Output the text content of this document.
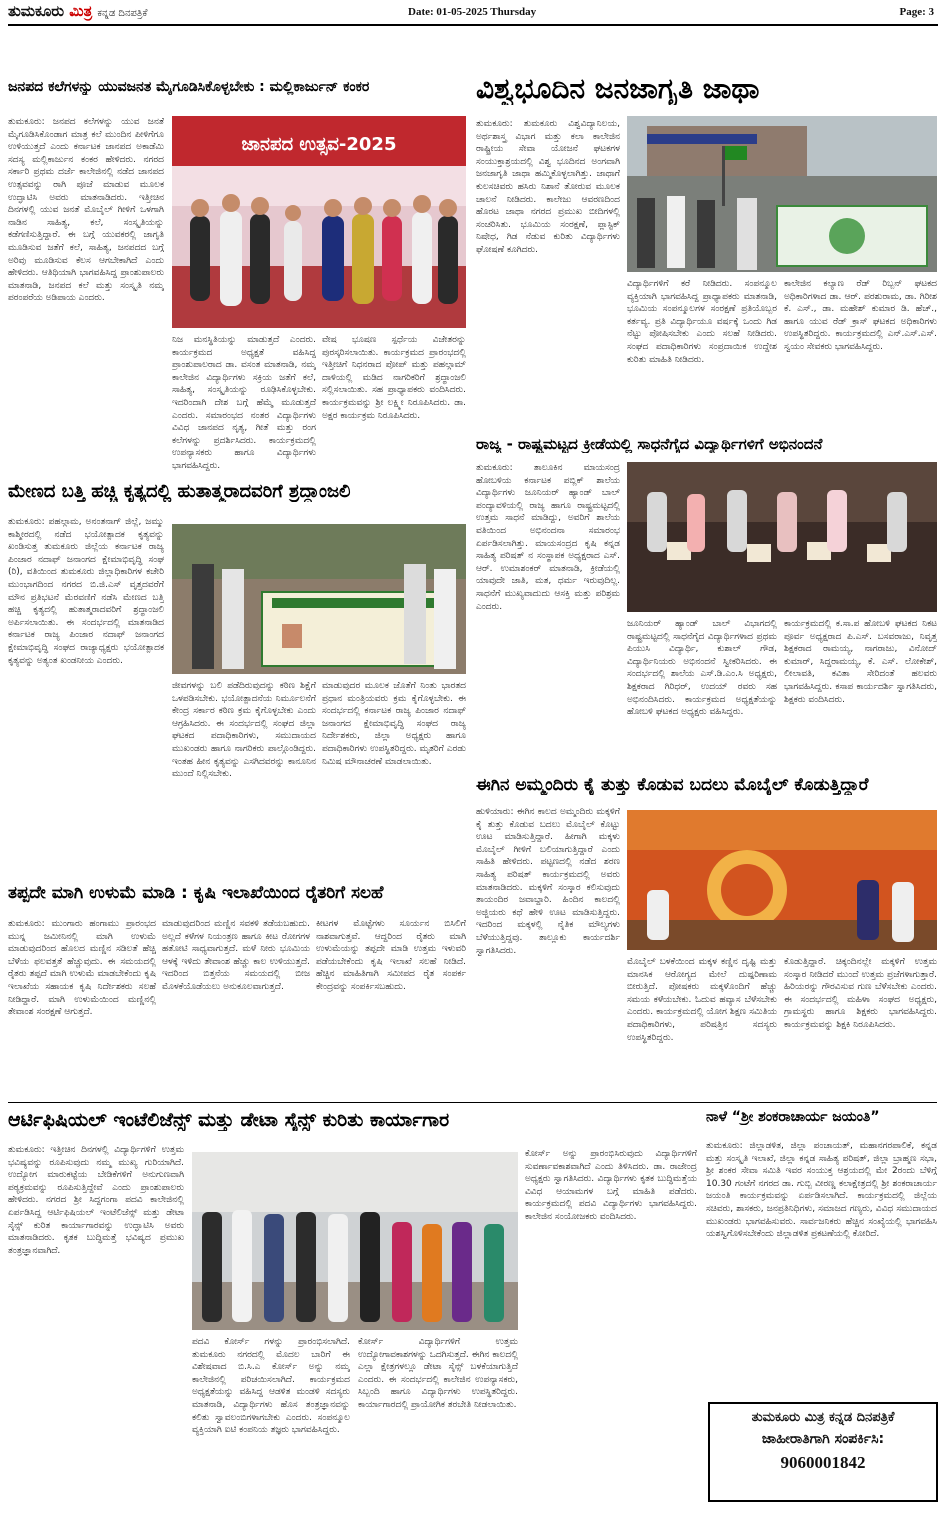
ತುಮಕೂರು ಮಿತ್ರ ಕನ್ನಡ ದಿನಪತ್ರಿಕೆ	Date: 01-05-2025 Thursday	Page: 3
ಜನಪದ ಕಲೆಗಳನ್ನು ಯುವಜನತ ಮೈಗೂಡಿಸಿಕೊಳ್ಳಬೇಕು : ಮಲ್ಲಿಕಾರ್ಜುನ್ ಕಂಕರ
ತುಮಕೂರು: ಜನಪದ ಕಲೆಗಳನ್ನು ಯುವ ಜನತೆ ಮೈಗೂಡಿಸಿಕೊಂಡಾಗ ಮಾತ್ರ ಕಲೆ ಮುಂದಿನ ಪೀಳಿಗೆಗೂ ಉಳಿಯುತ್ತದೆ ಎಂದು ಕರ್ನಾಟಕ ಜಾನಪದ ಅಕಾಡೆಮಿ ಸದಸ್ಯ ಮಲ್ಲಿಕಾರ್ಜುನ ಕಂಕರ ಹೇಳಿದರು. ನಗರದ ಸರ್ಕಾರಿ ಪ್ರಥಮ ದರ್ಜೆ ಕಾಲೇಜಿನಲ್ಲಿ ನಡೆದ ಜಾನಪದ ಉತ್ಸವವನ್ನು ರಾಗಿ ಪೂಜೆ ಮಾಡುವ ಮೂಲಕ ಉದ್ಘಾಟಿಸಿ ಅವರು ಮಾತನಾಡಿದರು. ಇತ್ತೀಚಿನ ದಿನಗಳಲ್ಲಿ ಯುವ ಜನತೆ ಮೊಬೈಲ್ ಗೀಳಿಗೆ ಒಳಗಾಗಿ ನಾಡಿನ ಸಾಹಿತ್ಯ, ಕಲೆ, ಸಂಸ್ಕೃತಿಯನ್ನು ಕಡೆಗಣಿಸುತ್ತಿದ್ದಾರೆ. ಈ ಬಗ್ಗೆ ಯುವಕರಲ್ಲಿ ಜಾಗೃತಿ ಮೂಡಿಸುವ ಜತೆಗೆ ಕಲೆ, ಸಾಹಿತ್ಯ, ಜನಪದದ ಬಗ್ಗೆ ಅರಿವು ಮೂಡಿಸುವ ಕೆಲಸ ಆಗಬೇಕಾಗಿದೆ ಎಂದು ಹೇಳಿದರು. ಆತಿಥಿಯಾಗಿ ಭಾಗವಹಿಸಿದ್ದ ಪ್ರಾಂಶುಪಾಲರು ಮಾತನಾಡಿ, ಜನಪದ ಕಲೆ ಮತ್ತು ಸಂಸ್ಕೃತಿ ನಮ್ಮ ಪರಂಪರೆಯ ಅಡಿಪಾಯ ಎಂದರು.
ಜಾನಪದ ಉತ್ಸವ-2025
ನಿಜ ಮನಸ್ಥಿತಿಯನ್ನು ಮಾಡುತ್ತದೆ ಎಂದರು. ಕಾರ್ಯಕ್ರಮದ ಅಧ್ಯಕ್ಷತೆ ವಹಿಸಿದ್ದ ಪ್ರಾಂಶುಪಾಲರಾದ ಡಾ. ವಸಂತ ಮಾತನಾಡಿ, ನಮ್ಮ ಕಾಲೇಜಿನ ವಿದ್ಯಾರ್ಥಿಗಳು ಸಕ್ರಿಯ ಜತೆಗೆ ಕಲೆ, ಸಾಹಿತ್ಯ, ಸಂಸ್ಕೃತಿಯನ್ನು ರೂಢಿಸಿಕೊಳ್ಳಬೇಕು. ಇದರಿಂದಾಗಿ ದೇಶ ಬಗ್ಗೆ ಹೆಮ್ಮೆ ಮೂಡುತ್ತದೆ ಎಂದರು. ಸಮಾರಂಭದ ನಂತರ ವಿದ್ಯಾರ್ಥಿಗಳು ವಿವಿಧ ಜಾನಪದ ನೃತ್ಯ, ಗೀತೆ ಮತ್ತು ರಂಗ ಕಲೆಗಳನ್ನು ಪ್ರದರ್ಶಿಸಿದರು. ಕಾರ್ಯಕ್ರಮದಲ್ಲಿ ಉಪನ್ಯಾಸಕರು ಹಾಗೂ ವಿದ್ಯಾರ್ಥಿಗಳು ಭಾಗವಹಿಸಿದ್ದರು.
ವೇಷ ಭೂಷಣ ಸ್ಪರ್ಧೆಯ ವಿಜೇತರನ್ನು ಪುರಸ್ಕರಿಸಲಾಯಿತು. ಕಾರ್ಯಕ್ರಮದ ಪ್ರಾರಂಭದಲ್ಲಿ ಇತ್ತೀಚಿಗೆ ನಿಧನರಾದ ಪೋಪ್ ಮತ್ತು ಪಹಲ್ಗಾಮ್ ದಾಳಿಯಲ್ಲಿ ಮಡಿದ ನಾಗರಿಕರಿಗೆ ಶ್ರದ್ಧಾಂಜಲಿ ಸಲ್ಲಿಸಲಾಯಿತು. ಸಹ ಪ್ರಾಧ್ಯಾಪಕರು ವಂದಿಸಿದರು. ಕಾರ್ಯಕ್ರಮವನ್ನು ಶ್ರೀ ಲಕ್ಷ್ಮೀ ನಿರೂಪಿಸಿದರು. ಡಾ. ಅಕ್ಷರ ಕಾರ್ಯಕ್ರಮ ನಿರೂಪಿಸಿದರು.
ವಿಶ್ವಭೂದಿನ ಜನಜಾಗೃತಿ ಜಾಥಾ
ತುಮಕೂರು: ತುಮಕೂರು ವಿಶ್ವವಿದ್ಯಾನಿಲಯ, ಅರ್ಥಶಾಸ್ತ್ರ ವಿಭಾಗ ಮತ್ತು ಕಲಾ ಕಾಲೇಜಿನ ರಾಷ್ಟ್ರೀಯ ಸೇವಾ ಯೋಜನೆ ಘಟಕಗಳ ಸಂಯುಕ್ತಾಶ್ರಯದಲ್ಲಿ ವಿಶ್ವ ಭೂದಿನದ ಅಂಗವಾಗಿ ಜನಜಾಗೃತಿ ಜಾಥಾ ಹಮ್ಮಿಕೊಳ್ಳಲಾಗಿತ್ತು. ಜಾಥಾಗೆ ಕುಲಸಚಿವರು ಹಸಿರು ನಿಶಾನೆ ತೋರುವ ಮೂಲಕ ಚಾಲನೆ ನೀಡಿದರು. ಕಾಲೇಜು ಆವರಣದಿಂದ ಹೊರಟ ಜಾಥಾ ನಗರದ ಪ್ರಮುಖ ಬೀದಿಗಳಲ್ಲಿ ಸಂಚರಿಸಿತು. ಭೂಮಿಯ ಸಂರಕ್ಷಣೆ, ಪ್ಲಾಸ್ಟಿಕ್ ನಿಷೇಧ, ಗಿಡ ನೆಡುವ ಕುರಿತು ವಿದ್ಯಾರ್ಥಿಗಳು ಘೋಷಣೆ ಕೂಗಿದರು.
ವಿದ್ಯಾರ್ಥಿಗಳಿಗೆ ಕರೆ ನೀಡಿದರು. ಸಂಪನ್ಮೂಲ ವ್ಯಕ್ತಿಯಾಗಿ ಭಾಗವಹಿಸಿದ್ದ ಪ್ರಾಧ್ಯಾಪಕರು ಮಾತನಾಡಿ, ಭೂಮಿಯ ಸಂಪನ್ಮೂಲಗಳ ಸಂರಕ್ಷಣೆ ಪ್ರತಿಯೊಬ್ಬರ ಕರ್ತವ್ಯ. ಪ್ರತಿ ವಿದ್ಯಾರ್ಥಿಯೂ ವರ್ಷಕ್ಕೆ ಒಂದು ಗಿಡ ನೆಟ್ಟು ಪೋಷಿಸಬೇಕು ಎಂದು ಸಲಹೆ ನೀಡಿದರು. ಸಂಘದ ಪದಾಧಿಕಾರಿಗಳು ಸಂಪ್ರದಾಯಿಕ ಉದ್ದೇಶ ಕುರಿತು ಮಾಹಿತಿ ನೀಡಿದರು.
ಕಾಲೇಜಿನ ಕಲ್ಯಾಣ ರೆಡ್ ರಿಬ್ಬನ್ ಘಟಕದ ಅಧಿಕಾರಿಗಳಾದ ಡಾ. ಆರ್. ಪರಶುರಾಮ, ಡಾ. ಗಿರೀಶ ಕೆ. ಎಸ್., ಡಾ. ಮಹೇಶ್ ಕುಮಾರ ಡಿ. ಹೆಚ್., ಹಾಗೂ ಯುವ ರೆಡ್ ಕ್ರಾಸ್ ಘಟಕದ ಅಧಿಕಾರಿಗಳು ಉಪಸ್ಥಿತರಿದ್ದರು. ಕಾರ್ಯಕ್ರಮದಲ್ಲಿ ಎನ್.ಎಸ್.ಎಸ್. ಸ್ವಯಂ ಸೇವಕರು ಭಾಗವಹಿಸಿದ್ದರು.
ರಾಜ್ಯ - ರಾಷ್ಟ್ರಮಟ್ಟದ ಕ್ರೀಡೆಯಲ್ಲಿ ಸಾಧನೆಗೈದ ವಿದ್ಯಾರ್ಥಿಗಳಿಗೆ ಅಭಿನಂದನೆ
ತುಮಕೂರು: ತಾಲೂಕಿನ ಮಾಯಸಂದ್ರ ಹೋಬಳಿಯ ಕರ್ನಾಟಕ ಪಬ್ಲಿಕ್ ಶಾಲೆಯ ವಿದ್ಯಾರ್ಥಿಗಳು ಜೂನಿಯರ್ ಹ್ಯಾಂಡ್ ಬಾಲ್ ಪಂದ್ಯಾವಳಿಯಲ್ಲಿ ರಾಜ್ಯ ಹಾಗೂ ರಾಷ್ಟ್ರಮಟ್ಟದಲ್ಲಿ ಉತ್ತಮ ಸಾಧನೆ ಮಾಡಿದ್ದು, ಅವರಿಗೆ ಶಾಲೆಯ ವತಿಯಿಂದ ಅಭಿನಂದನಾ ಸಮಾರಂಭ ಏರ್ಪಡಿಸಲಾಗಿತ್ತು. ಮಾಯಸಂದ್ರದ ಕೃಷಿ ಕನ್ನಡ ಸಾಹಿತ್ಯ ಪರಿಷತ್ ನ ಸಂಸ್ಥಾಪಕ ಅಧ್ಯಕ್ಷರಾದ ಎಸ್. ಆರ್. ಉಮಾಶಂಕರ್ ಮಾತನಾಡಿ, ಕ್ರೀಡೆಯಲ್ಲಿ ಯಾವುದೇ ಜಾತಿ, ಮತ, ಧರ್ಮ ಇರುವುದಿಲ್ಲ. ಸಾಧನೆಗೆ ಮುಖ್ಯವಾದುದು ಆಸಕ್ತಿ ಮತ್ತು ಪರಿಶ್ರಮ ಎಂದರು.
ಜೂನಿಯರ್ ಹ್ಯಾಂಡ್ ಬಾಲ್ ವಿಭಾಗದಲ್ಲಿ ರಾಷ್ಟ್ರಮಟ್ಟದಲ್ಲಿ ಸಾಧನೆಗೈದ ವಿದ್ಯಾರ್ಥಿಗಳಾದ ಪ್ರಥಮ ಪಿಯುಸಿ ವಿದ್ಯಾರ್ಥಿ, ಕುಶಾಲ್ ಗೌಡ, ವಿದ್ಯಾರ್ಥಿನಿಯರು ಅಭಿನಂದನೆ ಸ್ವೀಕರಿಸಿದರು. ಈ ಸಂದರ್ಭದಲ್ಲಿ ಶಾಲೆಯ ಎಸ್.ಡಿ.ಎಂ.ಸಿ ಅಧ್ಯಕ್ಷರು, ಶಿಕ್ಷಕರಾದ ಗಿರಿಧರ್, ಉದಯ್ ರವರು ಸಹ ಅಭಿನಂದಿಸಿದರು. ಕಾರ್ಯಕ್ರಮದ ಅಧ್ಯಕ್ಷತೆಯನ್ನು ಹೋಬಳಿ ಘಟಕದ ಅಧ್ಯಕ್ಷರು ವಹಿಸಿದ್ದರು.
ಕಾರ್ಯಕ್ರಮದಲ್ಲಿ ಕ.ಸಾ.ಪ ಹೋಬಳಿ ಘಟಕದ ನಿಕಟ ಪೂರ್ವ ಅಧ್ಯಕ್ಷರಾದ ಪಿ.ಎಸ್. ಬಸವರಾಜು, ನಿವೃತ್ತ ಶಿಕ್ಷಕರಾದ ರಾಮಯ್ಯ, ನಾಗರಾಜು, ವಿನೋದ್ ಕುಮಾರ್, ಸಿದ್ದರಾಮಯ್ಯ, ಕೆ. ಎಸ್. ಲೋಕೇಶ್, ಲೀಲಾವತಿ, ಕವಿತಾ ಸೇರಿದಂತೆ ಹಲವರು ಭಾಗವಹಿಸಿದ್ದರು. ಕಸಾಪ ಕಾರ್ಯದರ್ಶಿ ಸ್ವಾಗತಿಸಿದರು, ಶಿಕ್ಷಕರು ವಂದಿಸಿದರು.
ಮೇಣದ ಬತ್ತಿ ಹಚ್ಚಿ ಕೃತ್ಯದಲ್ಲಿ ಹುತಾತ್ಮರಾದವರಿಗೆ ಶ್ರದ್ಧಾಂಜಲಿ
ತುಮಕೂರು: ಪಹಲ್ಗಾಮ, ಅನಂತನಾಗ್ ಜಿಲ್ಲೆ, ಜಮ್ಮು ಕಾಶ್ಮೀರದಲ್ಲಿ ನಡೆದ ಭಯೋತ್ಪಾದಕ ಕೃತ್ಯವನ್ನು ಖಂಡಿಸುತ್ತ ತುಮಕೂರು ಜಿಲ್ಲೆಯ ಕರ್ನಾಟಕ ರಾಜ್ಯ ಪಿಂಜಾರ ನದಾಫ್ ಜನಾಂಗದ ಕ್ಷೇಮಾಭಿವೃದ್ಧಿ ಸಂಘ (ರಿ), ವತಿಯಿಂದ ತುಮಕೂರು ಜಿಲ್ಲಾಧಿಕಾರಿಗಳ ಕಚೇರಿ ಮುಂಭಾಗದಿಂದ ನಗರದ ಬಿ.ಜಿ.ಎಸ್ ವೃತ್ತದವರೆಗೆ ಮೌನ ಪ್ರತಿಭಟನೆ ಮೆರವಣಿಗೆ ನಡೆಸಿ ಮೇಣದ ಬತ್ತಿ ಹಚ್ಚಿ ಕೃತ್ಯದಲ್ಲಿ ಹುತಾತ್ಮರಾದವರಿಗೆ ಶ್ರದ್ಧಾಂಜಲಿ ಅರ್ಪಿಸಲಾಯಿತು. ಈ ಸಂದರ್ಭದಲ್ಲಿ ಮಾತನಾಡಿದ ಕರ್ನಾಟಕ ರಾಜ್ಯ ಪಿಂಜಾರ ನದಾಫ್ ಜನಾಂಗದ ಕ್ಷೇಮಾಭಿವೃದ್ಧಿ ಸಂಘದ ರಾಜ್ಯಾಧ್ಯಕ್ಷರು ಭಯೋತ್ಪಾದಕ ಕೃತ್ಯವನ್ನು ಅತ್ಯಂತ ಖಂಡನೀಯ ಎಂದರು.
ಜೀವಗಳನ್ನು ಬಲಿ ಪಡೆದಿರುವುದನ್ನು ಕಠಿಣ ಶಿಕ್ಷೆಗೆ ಒಳಪಡಿಸಬೇಕು. ಭಯೋತ್ಪಾದನೆಯ ನಿರ್ಮೂಲನೆಗೆ ಕೇಂದ್ರ ಸರ್ಕಾರ ಕಠಿಣ ಕ್ರಮ ಕೈಗೊಳ್ಳಬೇಕು ಎಂದು ಆಗ್ರಹಿಸಿದರು. ಈ ಸಂದರ್ಭದಲ್ಲಿ ಸಂಘದ ಜಿಲ್ಲಾ ಘಟಕದ ಪದಾಧಿಕಾರಿಗಳು, ಸಮುದಾಯದ ಮುಖಂಡರು ಹಾಗೂ ನಾಗರಿಕರು ಪಾಲ್ಗೊಂಡಿದ್ದರು. ಇಂತಹ ಹೀನ ಕೃತ್ಯವನ್ನು ಎಸಗಿದವರನ್ನು ಕಾನೂನಿನ ಮುಂದೆ ನಿಲ್ಲಿಸಬೇಕು.
ಮಾಡುವುದರ ಮೂಲಕ ಜೊತೆಗೆ ನಿಂತು ಭಾರತದ ಪ್ರಧಾನ ಮಂತ್ರಿಯವರು ಕ್ರಮ ಕೈಗೊಳ್ಳಬೇಕು. ಈ ಸಂದರ್ಭದಲ್ಲಿ ಕರ್ನಾಟಕ ರಾಜ್ಯ ಪಿಂಜಾರ ನದಾಫ್ ಜನಾಂಗದ ಕ್ಷೇಮಾಭಿವೃದ್ಧಿ ಸಂಘದ ರಾಜ್ಯ ನಿರ್ದೇಶಕರು, ಜಿಲ್ಲಾ ಅಧ್ಯಕ್ಷರು ಹಾಗೂ ಪದಾಧಿಕಾರಿಗಳು ಉಪಸ್ಥಿತರಿದ್ದರು. ಮೃತರಿಗೆ ಎರಡು ನಿಮಿಷ ಮೌನಾಚರಣೆ ಮಾಡಲಾಯಿತು.
ಈಗಿನ ಅಮ್ಮಂದಿರು ಕೈ ತುತ್ತು ಕೊಡುವ ಬದಲು ಮೊಬೈಲ್ ಕೊಡುತ್ತಿದ್ದಾರೆ
ಹುಳಿಯಾರು: ಈಗಿನ ಕಾಲದ ಅಮ್ಮಂದಿರು ಮಕ್ಕಳಿಗೆ ಕೈ ತುತ್ತು ಕೊಡುವ ಬದಲು ಮೊಬೈಲ್ ಕೊಟ್ಟು ಊಟ ಮಾಡಿಸುತ್ತಿದ್ದಾರೆ. ಹೀಗಾಗಿ ಮಕ್ಕಳು ಮೊಬೈಲ್ ಗೀಳಿಗೆ ಬಲಿಯಾಗುತ್ತಿದ್ದಾರೆ ಎಂದು ಸಾಹಿತಿ ಹೇಳಿದರು. ಪಟ್ಟಣದಲ್ಲಿ ನಡೆದ ಶರಣ ಸಾಹಿತ್ಯ ಪರಿಷತ್ ಕಾರ್ಯಕ್ರಮದಲ್ಲಿ ಅವರು ಮಾತನಾಡಿದರು. ಮಕ್ಕಳಿಗೆ ಸಂಸ್ಕಾರ ಕಲಿಸುವುದು ತಾಯಂದಿರ ಜವಾಬ್ದಾರಿ. ಹಿಂದಿನ ಕಾಲದಲ್ಲಿ ಅಜ್ಜಿಯರು ಕಥೆ ಹೇಳಿ ಊಟ ಮಾಡಿಸುತ್ತಿದ್ದರು. ಇದರಿಂದ ಮಕ್ಕಳಲ್ಲಿ ನೈತಿಕ ಮೌಲ್ಯಗಳು ಬೆಳೆಯುತ್ತಿದ್ದವು. ತಾಲ್ಲೂಕು ಕಾರ್ಯದರ್ಶಿ ಸ್ವಾಗತಿಸಿದರು.
ಮೊಬೈಲ್ ಬಳಕೆಯಿಂದ ಮಕ್ಕಳ ಕಣ್ಣಿನ ದೃಷ್ಟಿ ಮತ್ತು ಮಾನಸಿಕ ಆರೋಗ್ಯದ ಮೇಲೆ ದುಷ್ಪರಿಣಾಮ ಬೀರುತ್ತಿದೆ. ಪೋಷಕರು ಮಕ್ಕಳೊಂದಿಗೆ ಹೆಚ್ಚು ಸಮಯ ಕಳೆಯಬೇಕು. ಓದುವ ಹವ್ಯಾಸ ಬೆಳೆಸಬೇಕು ಎಂದರು. ಕಾರ್ಯಕ್ರಮದಲ್ಲಿ ಯೋಗ ಶಿಕ್ಷಣ ಸಮಿತಿಯ ಪದಾಧಿಕಾರಿಗಳು, ಪರಿಷತ್ತಿನ ಸದಸ್ಯರು ಉಪಸ್ಥಿತರಿದ್ದರು.
ಕೊಡುತ್ತಿದ್ದಾರೆ. ಚಿಕ್ಕಂದಿನಲ್ಲೇ ಮಕ್ಕಳಿಗೆ ಉತ್ತಮ ಸಂಸ್ಕಾರ ನೀಡಿದರೆ ಮುಂದೆ ಉತ್ತಮ ಪ್ರಜೆಗಳಾಗುತ್ತಾರೆ. ಹಿರಿಯರನ್ನು ಗೌರವಿಸುವ ಗುಣ ಬೆಳೆಸಬೇಕು ಎಂದರು. ಈ ಸಂದರ್ಭದಲ್ಲಿ ಮಹಿಳಾ ಸಂಘದ ಅಧ್ಯಕ್ಷರು, ಗ್ರಾಮಸ್ಥರು ಹಾಗೂ ಶಿಕ್ಷಕರು ಭಾಗವಹಿಸಿದ್ದರು. ಕಾರ್ಯಕ್ರಮವನ್ನು ಶಿಕ್ಷಕಿ ನಿರೂಪಿಸಿದರು.
ತಪ್ಪದೇ ಮಾಗಿ ಉಳುಮೆ ಮಾಡಿ : ಕೃಷಿ ಇಲಾಖೆಯಿಂದ ರೈತರಿಗೆ ಸಲಹೆ
ತುಮಕೂರು: ಮುಂಗಾರು ಹಂಗಾಮು ಪ್ರಾರಂಭದ ಮುನ್ನ ಜಮೀನಿನಲ್ಲಿ ಮಾಗಿ ಉಳುಮೆ ಮಾಡುವುದರಿಂದ ಹೊಲದ ಮಣ್ಣಿನ ಸಡಿಲತೆ ಹೆಚ್ಚಿ ಬೆಳೆಯ ಫಲವತ್ತತೆ ಹೆಚ್ಚುವುದು. ಈ ಸಮಯದಲ್ಲಿ ರೈತರು ತಪ್ಪದೆ ಮಾಗಿ ಉಳುಮೆ ಮಾಡಬೇಕೆಂದು ಕೃಷಿ ಇಲಾಖೆಯ ಸಹಾಯಕ ಕೃಷಿ ನಿರ್ದೇಶಕರು ಸಲಹೆ ನೀಡಿದ್ದಾರೆ. ಮಾಗಿ ಉಳುಮೆಯಿಂದ ಮಣ್ಣಿನಲ್ಲಿ ತೇವಾಂಶ ಸಂರಕ್ಷಣೆ ಆಗುತ್ತದೆ.
ಮಾಡುವುದರಿಂದ ಮಣ್ಣಿನ ಸವಕಳಿ ತಡೆಯಬಹುದು. ಅಲ್ಲದೆ ಕಳೆಗಳ ನಿಯಂತ್ರಣ ಹಾಗೂ ಕೀಟ ರೋಗಗಳ ಹತೋಟಿ ಸಾಧ್ಯವಾಗುತ್ತದೆ. ಮಳೆ ನೀರು ಭೂಮಿಯ ಆಳಕ್ಕೆ ಇಳಿದು ತೇವಾಂಶ ಹೆಚ್ಚು ಕಾಲ ಉಳಿಯುತ್ತದೆ. ಇದರಿಂದ ಬಿತ್ತನೆಯ ಸಮಯದಲ್ಲಿ ಬೀಜ ಮೊಳಕೆಯೊಡೆಯಲು ಅನುಕೂಲವಾಗುತ್ತದೆ.
ಕೀಟಗಳ ಮೊಟ್ಟೆಗಳು ಸೂರ್ಯನ ಬಿಸಿಲಿಗೆ ನಾಶವಾಗುತ್ತವೆ. ಆದ್ದರಿಂದ ರೈತರು ಮಾಗಿ ಉಳುಮೆಯನ್ನು ತಪ್ಪದೇ ಮಾಡಿ ಉತ್ತಮ ಇಳುವರಿ ಪಡೆಯಬೇಕೆಂದು ಕೃಷಿ ಇಲಾಖೆ ಸಲಹೆ ನೀಡಿದೆ. ಹೆಚ್ಚಿನ ಮಾಹಿತಿಗಾಗಿ ಸಮೀಪದ ರೈತ ಸಂಪರ್ಕ ಕೇಂದ್ರವನ್ನು ಸಂಪರ್ಕಿಸಬಹುದು.
ಆರ್ಟಿಫಿಷಿಯಲ್ ಇಂಟೆಲಿಜೆನ್ಸ್ ಮತ್ತು ಡೇಟಾ ಸೈನ್ಸ್ ಕುರಿತು ಕಾರ್ಯಾಗಾರ
ತುಮಕೂರು: ಇತ್ತೀಚಿನ ದಿನಗಳಲ್ಲಿ ವಿದ್ಯಾರ್ಥಿಗಳಿಗೆ ಉತ್ತಮ ಭವಿಷ್ಯವನ್ನು ರೂಪಿಸುವುದು ನಮ್ಮ ಮುಖ್ಯ ಗುರಿಯಾಗಿದೆ. ಉದ್ಯೋಗ ಮಾರುಕಟ್ಟೆಯ ಬೇಡಿಕೆಗಳಿಗೆ ಅನುಗುಣವಾಗಿ ಪಠ್ಯಕ್ರಮವನ್ನು ರೂಪಿಸುತ್ತಿದ್ದೇವೆ ಎಂದು ಪ್ರಾಂಶುಪಾಲರು ಹೇಳಿದರು. ನಗರದ ಶ್ರೀ ಸಿದ್ದಗಂಗಾ ಪದವಿ ಕಾಲೇಜಿನಲ್ಲಿ ಏರ್ಪಡಿಸಿದ್ದ ಆರ್ಟಿಫಿಷಿಯಲ್ ಇಂಟೆಲಿಜೆನ್ಸ್ ಮತ್ತು ಡೇಟಾ ಸೈನ್ಸ್ ಕುರಿತ ಕಾರ್ಯಾಗಾರವನ್ನು ಉದ್ಘಾಟಿಸಿ ಅವರು ಮಾತನಾಡಿದರು. ಕೃತಕ ಬುದ್ಧಿಮತ್ತೆ ಭವಿಷ್ಯದ ಪ್ರಮುಖ ತಂತ್ರಜ್ಞಾನವಾಗಿದೆ.
ಪದವಿ ಕೋರ್ಸ್ ಗಳನ್ನು ಪ್ರಾರಂಭಿಸಲಾಗಿದೆ. ತುಮಕೂರು ನಗರದಲ್ಲಿ ಮೊದಲ ಬಾರಿಗೆ ಈ ವಿಶೇಷವಾದ ಬಿ.ಸಿ.ಎ ಕೋರ್ಸ್ ಅನ್ನು ನಮ್ಮ ಕಾಲೇಜಿನಲ್ಲಿ ಪರಿಚಯಿಸಲಾಗಿದೆ. ಕಾರ್ಯಕ್ರಮದ ಅಧ್ಯಕ್ಷತೆಯನ್ನು ವಹಿಸಿದ್ದ ಆಡಳಿತ ಮಂಡಳಿ ಸದಸ್ಯರು ಮಾತನಾಡಿ, ವಿದ್ಯಾರ್ಥಿಗಳು ಹೊಸ ತಂತ್ರಜ್ಞಾನವನ್ನು ಕಲಿತು ಸ್ವಾವಲಂಬಿಗಳಾಗಬೇಕು ಎಂದರು. ಸಂಪನ್ಮೂಲ ವ್ಯಕ್ತಿಯಾಗಿ ಐಟಿ ಕಂಪನಿಯ ತಜ್ಞರು ಭಾಗವಹಿಸಿದ್ದರು.
ಕೋರ್ಸ್ ವಿದ್ಯಾರ್ಥಿಗಳಿಗೆ ಉತ್ತಮ ಉದ್ಯೋಗಾವಕಾಶಗಳನ್ನು ಒದಗಿಸುತ್ತದೆ. ಈಗಿನ ಕಾಲದಲ್ಲಿ ಎಲ್ಲಾ ಕ್ಷೇತ್ರಗಳಲ್ಲೂ ಡೇಟಾ ಸೈನ್ಸ್ ಬಳಕೆಯಾಗುತ್ತಿದೆ ಎಂದರು. ಈ ಸಂದರ್ಭದಲ್ಲಿ ಕಾಲೇಜಿನ ಉಪನ್ಯಾಸಕರು, ಸಿಬ್ಬಂದಿ ಹಾಗೂ ವಿದ್ಯಾರ್ಥಿಗಳು ಉಪಸ್ಥಿತರಿದ್ದರು. ಕಾರ್ಯಾಗಾರದಲ್ಲಿ ಪ್ರಾಯೋಗಿಕ ತರಬೇತಿ ನೀಡಲಾಯಿತು.
ಕೋರ್ಸ್ ಅನ್ನು ಪ್ರಾರಂಭಿಸಿರುವುದು ವಿದ್ಯಾರ್ಥಿಗಳಿಗೆ ಸುವರ್ಣಾವಕಾಶವಾಗಿದೆ ಎಂದು ತಿಳಿಸಿದರು. ಡಾ. ರಾಜೇಂದ್ರ ಅಧ್ಯಕ್ಷರು ಸ್ವಾಗತಿಸಿದರು. ವಿದ್ಯಾರ್ಥಿಗಳು ಕೃತಕ ಬುದ್ಧಿಮತ್ತೆಯ ವಿವಿಧ ಆಯಾಮಗಳ ಬಗ್ಗೆ ಮಾಹಿತಿ ಪಡೆದರು. ಕಾರ್ಯಕ್ರಮದಲ್ಲಿ ಪದವಿ ವಿದ್ಯಾರ್ಥಿಗಳು ಭಾಗವಹಿಸಿದ್ದರು. ಕಾಲೇಜಿನ ಸಂಯೋಜಕರು ವಂದಿಸಿದರು.
ನಾಳೆ “ಶ್ರೀ ಶಂಕರಾಚಾರ್ಯ ಜಯಂತಿ”
ತುಮಕೂರು: ಜಿಲ್ಲಾಡಳಿತ, ಜಿಲ್ಲಾ ಪಂಚಾಯತ್, ಮಹಾನಗರಪಾಲಿಕೆ, ಕನ್ನಡ ಮತ್ತು ಸಂಸ್ಕೃತಿ ಇಲಾಖೆ, ಜಿಲ್ಲಾ ಕನ್ನಡ ಸಾಹಿತ್ಯ ಪರಿಷತ್, ಜಿಲ್ಲಾ ಬ್ರಾಹ್ಮಣ ಸಭಾ, ಶ್ರೀ ಶಂಕರ ಸೇವಾ ಸಮಿತಿ ಇವರ ಸಂಯುಕ್ತ ಆಶ್ರಯದಲ್ಲಿ ಮೇ 2ರಂದು ಬೆಳಿಗ್ಗೆ 10.30 ಗಂಟೆಗೆ ನಗರದ ಡಾ. ಗುಬ್ಬಿ ವೀರಣ್ಣ ಕಲಾಕ್ಷೇತ್ರದಲ್ಲಿ ಶ್ರೀ ಶಂಕರಾಚಾರ್ಯ ಜಯಂತಿ ಕಾರ್ಯಕ್ರಮವನ್ನು ಏರ್ಪಡಿಸಲಾಗಿದೆ. ಕಾರ್ಯಕ್ರಮದಲ್ಲಿ ಜಿಲ್ಲೆಯ ಸಚಿವರು, ಶಾಸಕರು, ಜನಪ್ರತಿನಿಧಿಗಳು, ಸಮಾಜದ ಗಣ್ಯರು, ವಿವಿಧ ಸಮುದಾಯದ ಮುಖಂಡರು ಭಾಗವಹಿಸುವರು. ಸಾರ್ವಜನಿಕರು ಹೆಚ್ಚಿನ ಸಂಖ್ಯೆಯಲ್ಲಿ ಭಾಗವಹಿಸಿ ಯಶಸ್ವಿಗೊಳಿಸಬೇಕೆಂದು ಜಿಲ್ಲಾಡಳಿತ ಪ್ರಕಟಣೆಯಲ್ಲಿ ಕೋರಿದೆ.
ತುಮಕೂರು ಮಿತ್ರ ಕನ್ನಡ ದಿನಪತ್ರಿಕೆ
ಜಾಹೀರಾತಿಗಾಗಿ ಸಂಪರ್ಕಿಸಿ:
9060001842
